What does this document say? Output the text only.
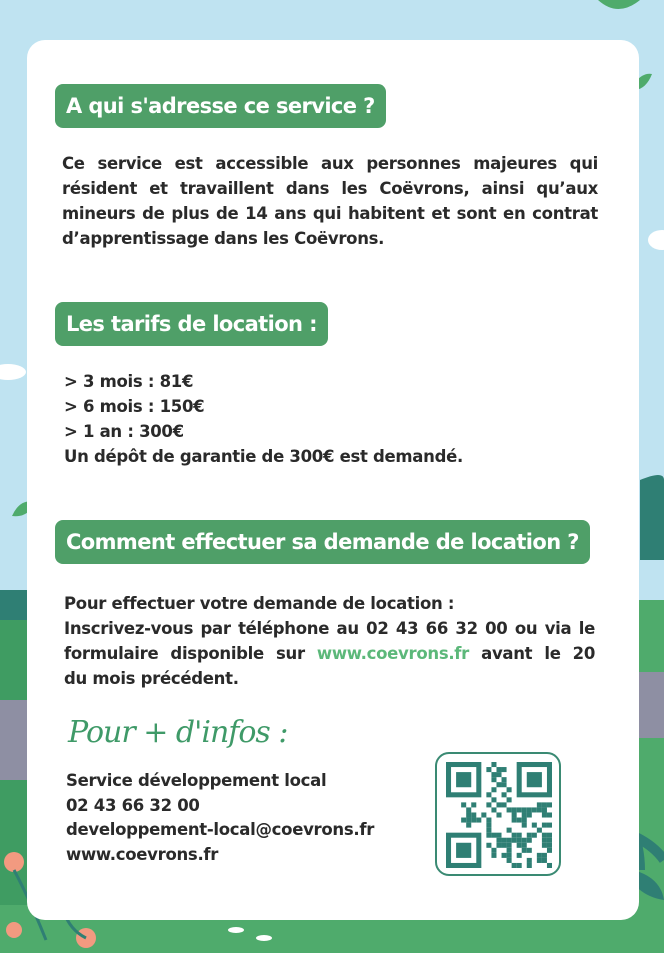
A qui s'adresse ce service ?
Ce service est accessible aux personnes majeures qui
résident et travaillent dans les Coëvrons, ainsi qu’aux
mineurs de plus de 14 ans qui habitent et sont en contrat
d’apprentissage dans les Coëvrons.
Les tarifs de location :
> 3 mois : 81€
> 6 mois : 150€
> 1 an : 300€
Un dépôt de garantie de 300€ est demandé.
Comment effectuer sa demande de location ?
Pour effectuer votre demande de location :
Inscrivez-vous par téléphone au 02 43 66 32 00 ou via le
formulaire disponible sur www.coevrons.fr avant le 20
du mois précédent.
Pour + d'infos :
Service développement local
02 43 66 32 00
developpement-local@coevrons.fr
www.coevrons.fr
